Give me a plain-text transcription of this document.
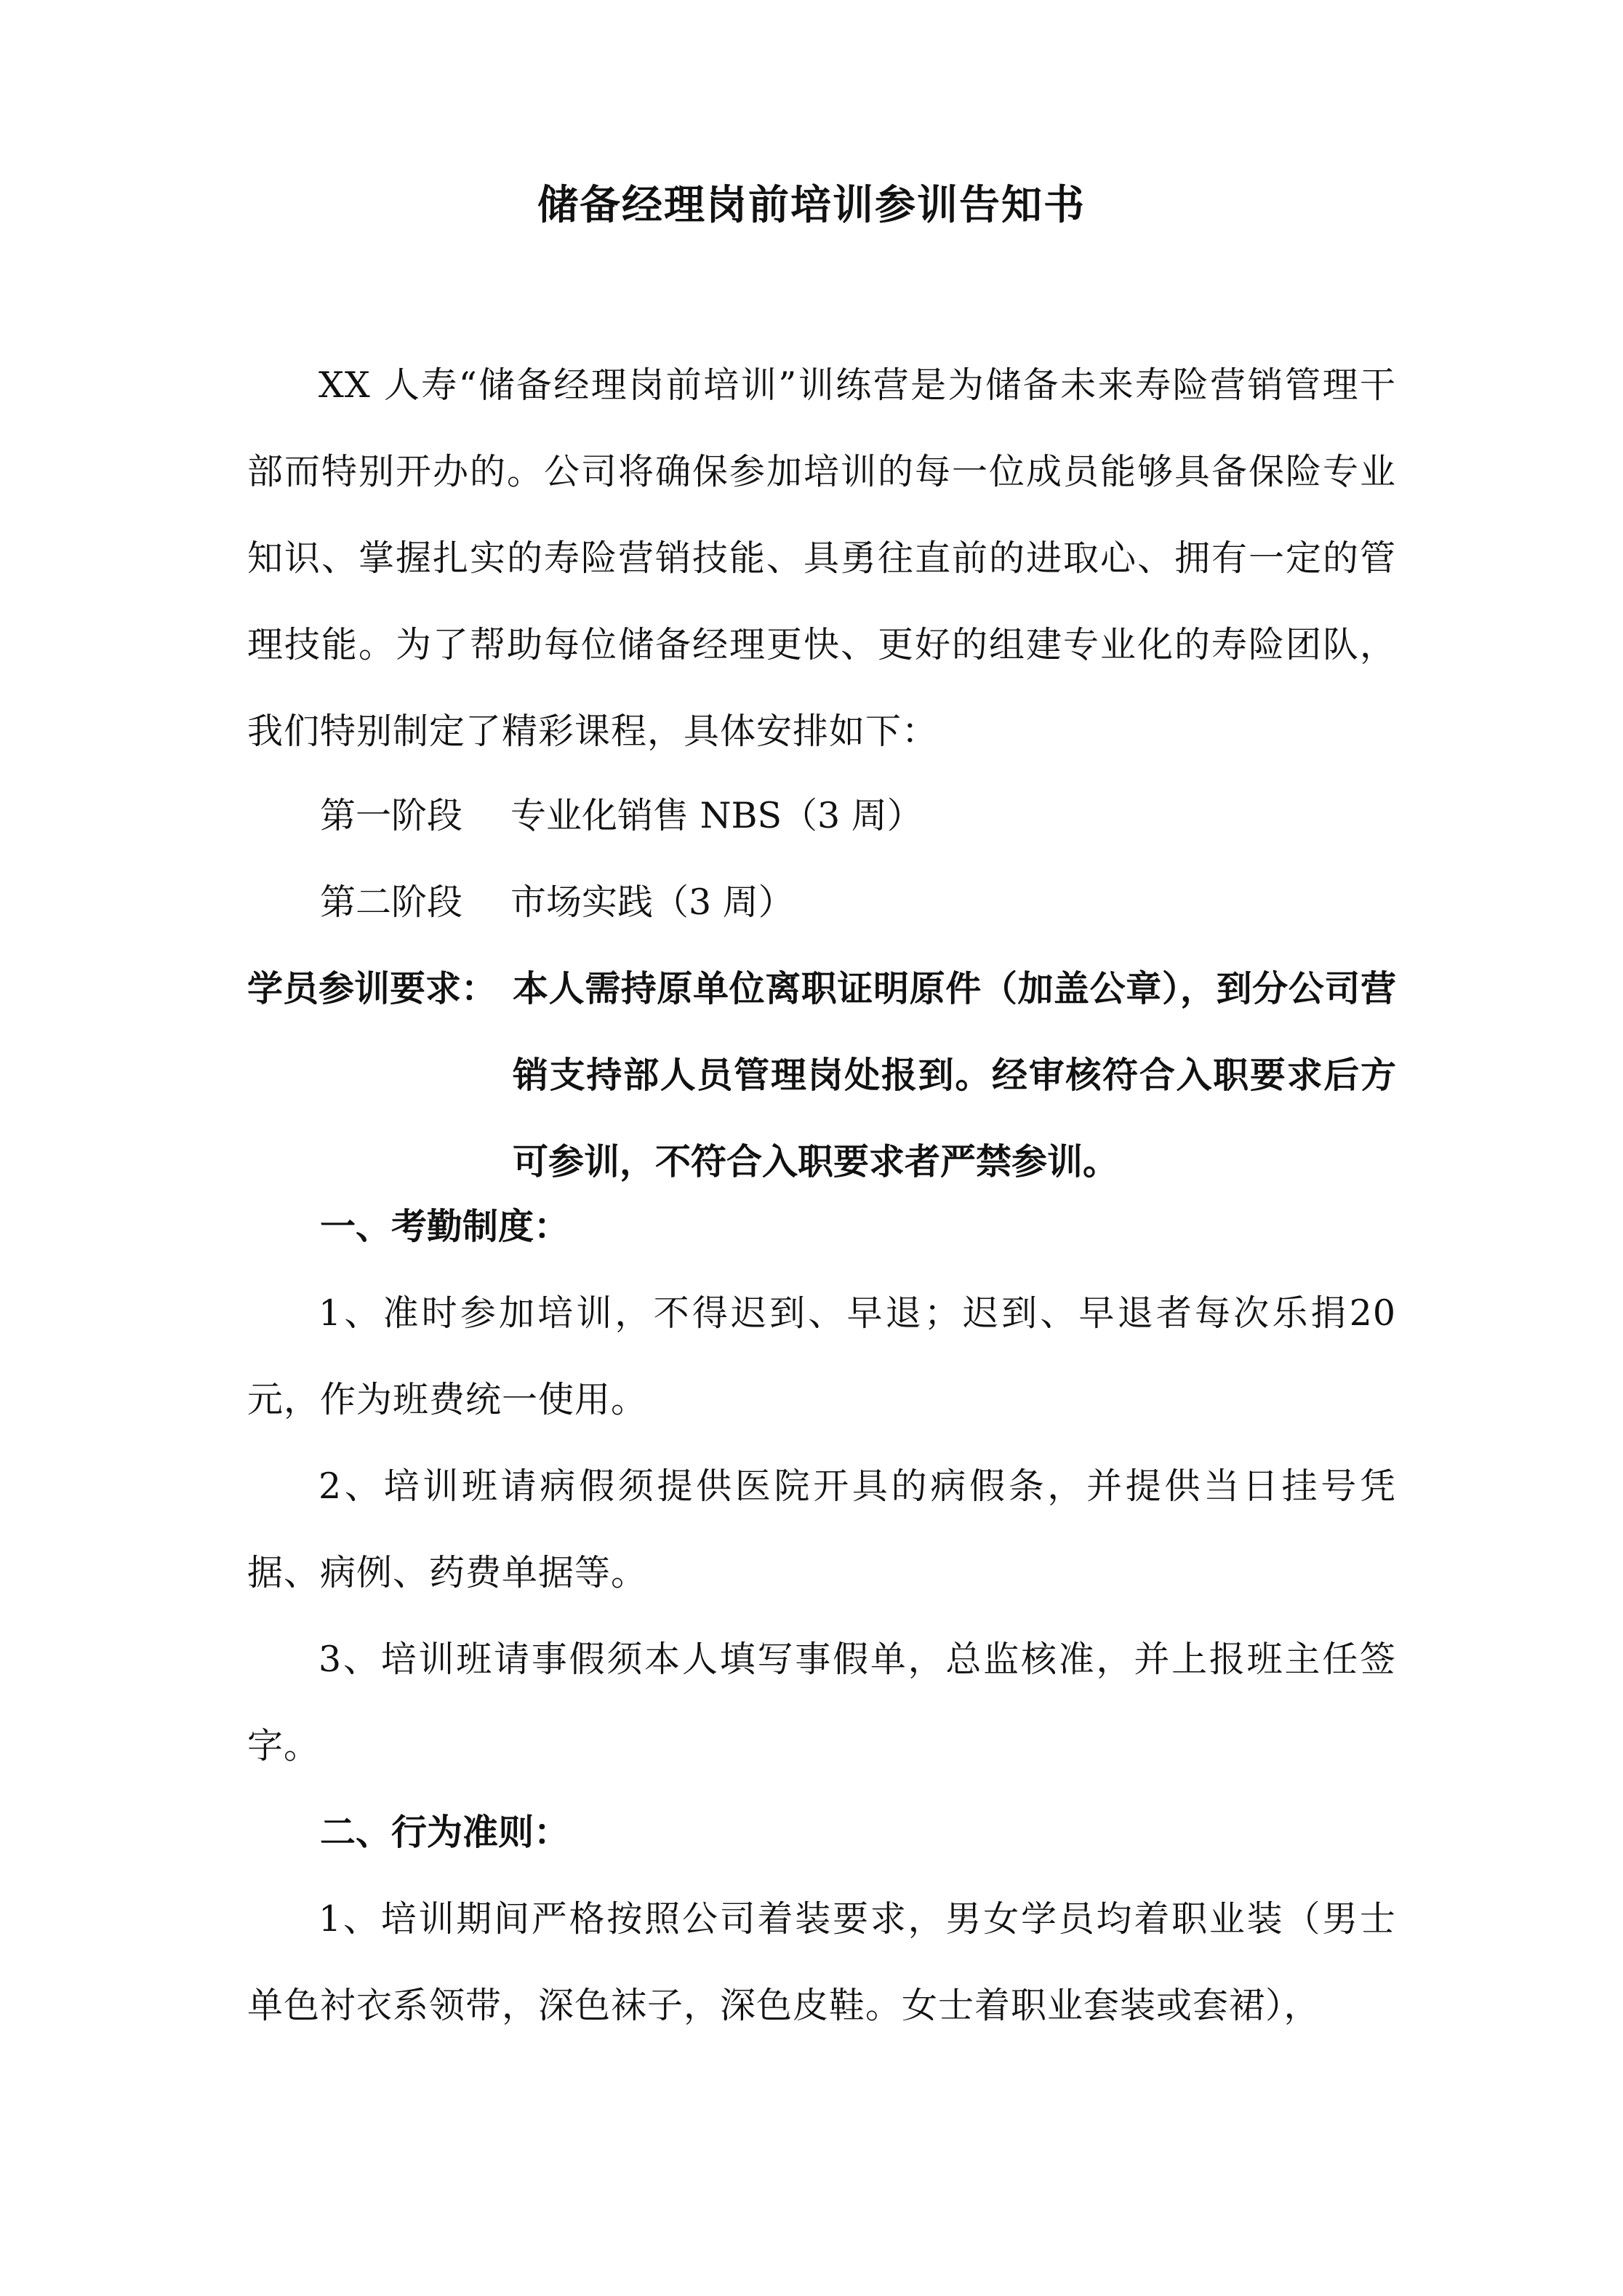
储备经理岗前培训参训告知书
XX 人寿“储备经理岗前培训”训练营是为储备未来寿险营销管理干部而特别开办的。公司将确保参加培训的每一位成员能够具备保险专业知识、掌握扎实的寿险营销技能、具勇往直前的进取心、拥有一定的管理技能。为了帮助每位储备经理更快、更好的组建专业化的寿险团队，我们特别制定了精彩课程，具体安排如下：
第一阶段 专业化销售 NBS（3 周）
第二阶段 市场实践（3 周）
学员参训要求： 本人需持原单位离职证明原件（加盖公章），到分公司营销支持部人员管理岗处报到。经审核符合入职要求后方可参训，不符合入职要求者严禁参训。
一、考勤制度：
1、准时参加培训，不得迟到、早退；迟到、早退者每次乐捐20元，作为班费统一使用。
2、培训班请病假须提供医院开具的病假条，并提供当日挂号凭据、病例、药费单据等。
3、培训班请事假须本人填写事假单，总监核准，并上报班主任签字。
二、行为准则：
1、培训期间严格按照公司着装要求，男女学员均着职业装（男士单色衬衣系领带，深色袜子，深色皮鞋。女士着职业套装或套裙），
